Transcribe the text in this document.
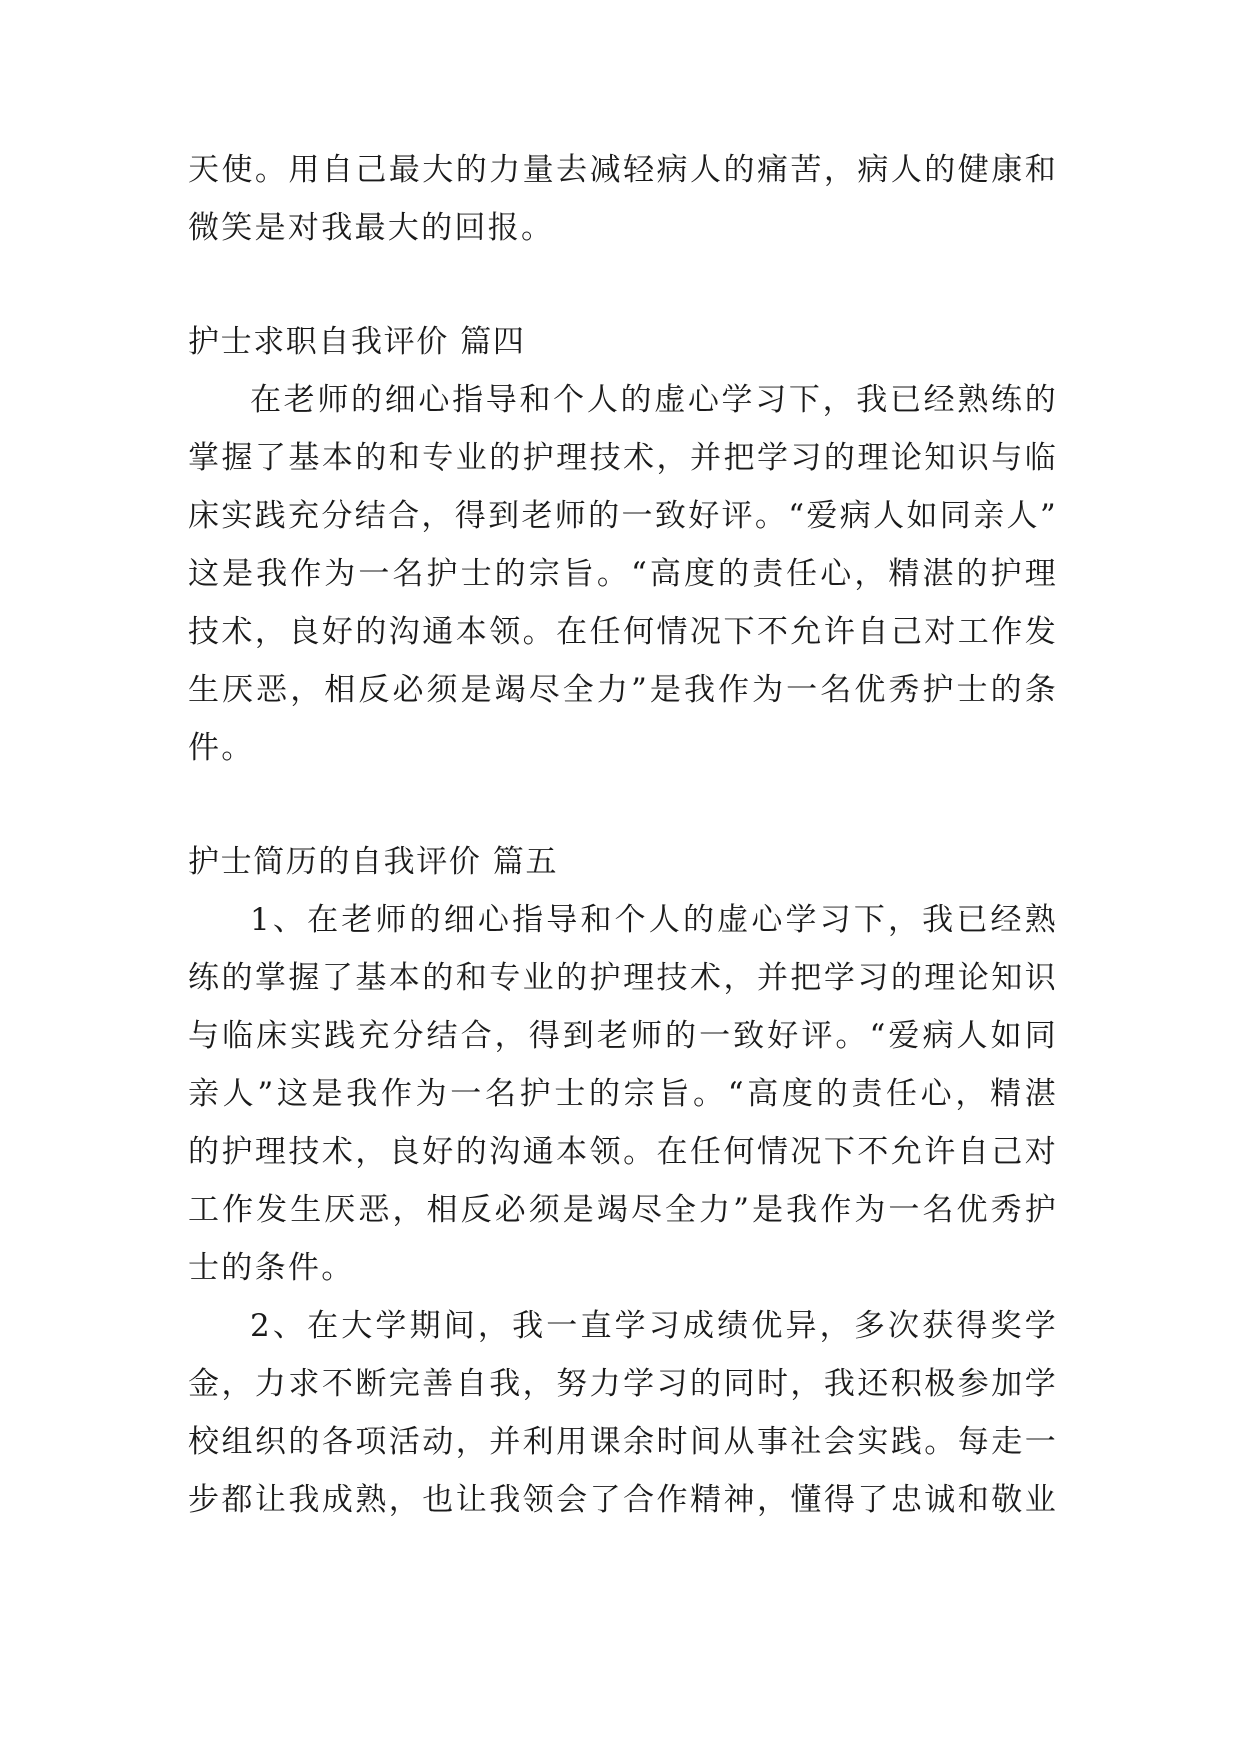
天使。用自己最大的力量去减轻病人的痛苦，病人的健康和
微笑是对我最大的回报。
护士求职自我评价 篇四
在老师的细心指导和个人的虚心学习下，我已经熟练的
掌握了基本的和专业的护理技术，并把学习的理论知识与临
床实践充分结合，得到老师的一致好评。“爱病人如同亲人”
这是我作为一名护士的宗旨。“高度的责任心，精湛的护理
技术，良好的沟通本领。在任何情况下不允许自己对工作发
生厌恶，相反必须是竭尽全力”是我作为一名优秀护士的条
件。
护士简历的自我评价 篇五
1、在老师的细心指导和个人的虚心学习下，我已经熟
练的掌握了基本的和专业的护理技术，并把学习的理论知识
与临床实践充分结合，得到老师的一致好评。“爱病人如同
亲人”这是我作为一名护士的宗旨。“高度的责任心，精湛
的护理技术，良好的沟通本领。在任何情况下不允许自己对
工作发生厌恶，相反必须是竭尽全力”是我作为一名优秀护
士的条件。
2、在大学期间，我一直学习成绩优异，多次获得奖学
金，力求不断完善自我，努力学习的同时，我还积极参加学
校组织的各项活动，并利用课余时间从事社会实践。每走一
步都让我成熟，也让我领会了合作精神，懂得了忠诚和敬业
